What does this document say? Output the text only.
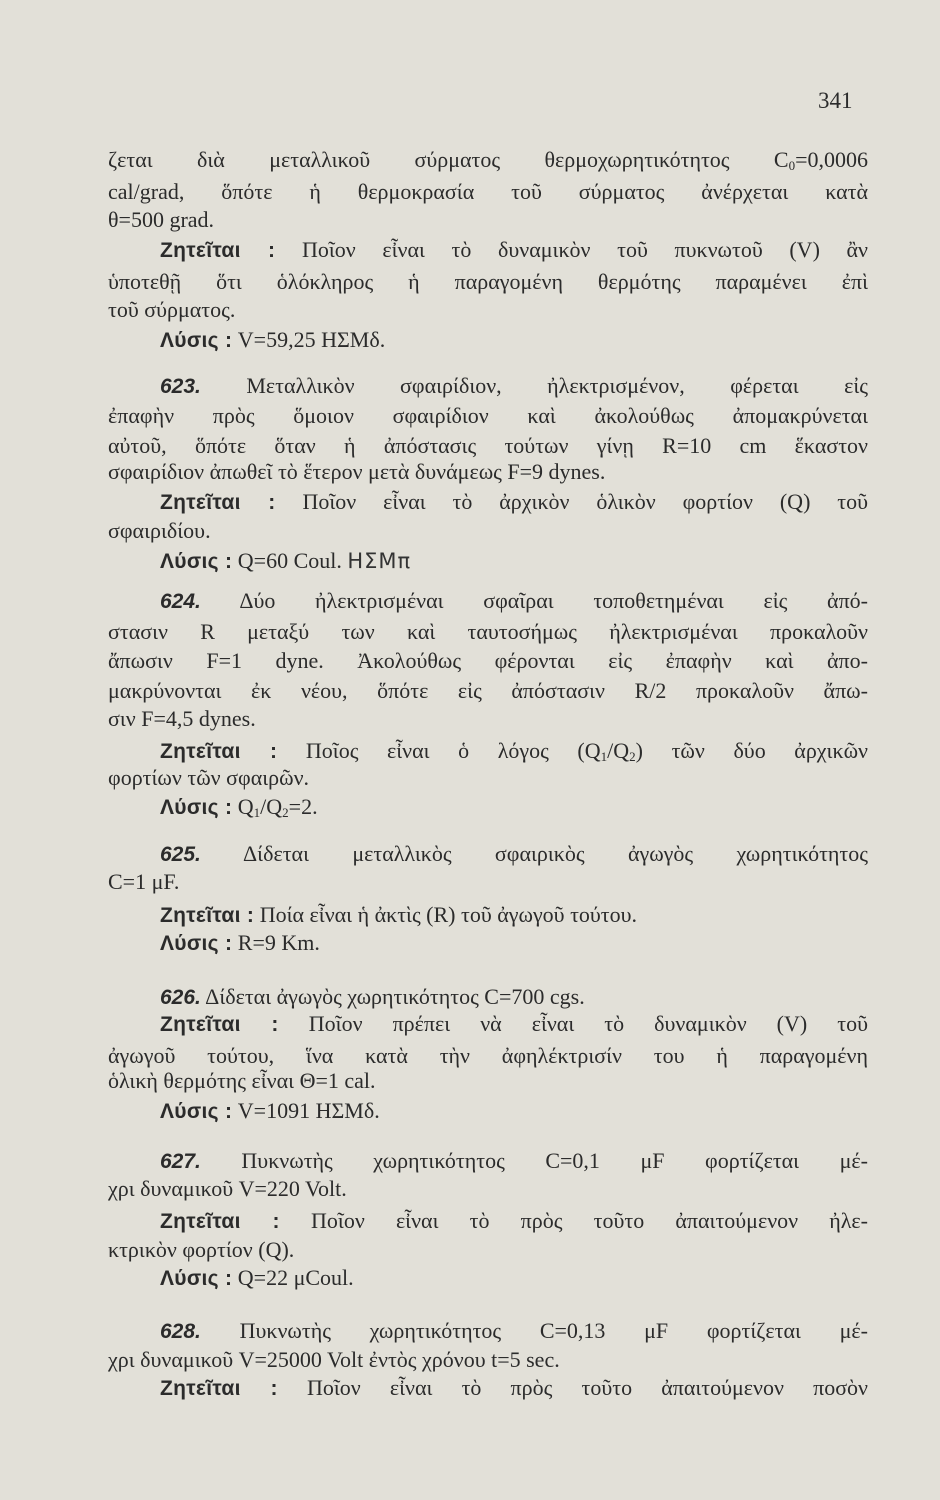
341
ζεται διὰ μεταλλικοῦ σύρματος θερμοχωρητικότητος $C_0=0,0006$
cal/grad, ὅπότε ἡ θερμοκρασία τοῦ σύρματος ἀνέρχεται κατὰ
θ=500 grad.
Ζητεῖται : Ποῖον εἶναι τὸ δυναμικὸν τοῦ πυκνωτοῦ (V) ἂν
ὑποτεθῇ ὅτι ὁλόκληρος ἡ παραγομένη θερμότης παραμένει ἐπὶ
τοῦ σύρματος.
Λύσις : V=59,25 ΗΣΜδ.
623. Μεταλλικὸν σφαιρίδιον, ἠλεκτρισμένον, φέρεται εἰς
ἐπαφὴν πρὸς ὅμοιον σφαιρίδιον καὶ ἀκολούθως ἀπομακρύνεται
αὐτοῦ, ὅπότε ὅταν ἡ ἀπόστασις τούτων γίνῃ R=10 cm ἕκαστον
σφαιρίδιον ἀπωθεῖ τὸ ἕτερον μετὰ δυνάμεως F=9 dynes.
Ζητεῖται : Ποῖον εἶναι τὸ ἀρχικὸν ὁλικὸν φορτίον (Q) τοῦ
σφαιριδίου.
Λύσις : Q=60 Coul. ΗΣΜπ
624. Δύο ἠλεκτρισμέναι σφαῖραι τοποθετημέναι εἰς ἀπό-
στασιν R μεταξύ των καὶ ταυτοσήμως ἠλεκτρισμέναι προκαλοῦν
ἄπωσιν F=1 dyne. Ἀκολούθως φέρονται εἰς ἐπαφὴν καὶ ἀπο-
μακρύνονται ἐκ νέου, ὅπότε εἰς ἀπόστασιν R/2 προκαλοῦν ἄπω-
σιν F=4,5 dynes.
Ζητεῖται : Ποῖος εἶναι ὁ λόγος $(Q_1/Q_2)$ τῶν δύο ἀρχικῶν
φορτίων τῶν σφαιρῶν.
Λύσις : $Q_1/Q_2=2$.
625. Δίδεται μεταλλικὸς σφαιρικὸς ἀγωγὸς χωρητικότητος
C=1 μF.
Ζητεῖται : Ποία εἶναι ἡ ἀκτὶς (R) τοῦ ἀγωγοῦ τούτου.
Λύσις : R=9 Km.
626. Δίδεται ἀγωγὸς χωρητικότητος C=700 cgs.
Ζητεῖται : Ποῖον πρέπει νὰ εἶναι τὸ δυναμικὸν (V) τοῦ
ἀγωγοῦ τούτου, ἵνα κατὰ τὴν ἀφηλέκτρισίν του ἡ παραγομένη
ὁλικὴ θερμότης εἶναι Θ=1 cal.
Λύσις : V=1091 ΗΣΜδ.
627. Πυκνωτὴς χωρητικότητος C=0,1 μF φορτίζεται μέ-
χρι δυναμικοῦ V=220 Volt.
Ζητεῖται : Ποῖον εἶναι τὸ πρὸς τοῦτο ἀπαιτούμενον ἠλε-
κτρικὸν φορτίον (Q).
Λύσις : Q=22 μCoul.
628. Πυκνωτὴς χωρητικότητος C=0,13 μF φορτίζεται μέ-
χρι δυναμικοῦ V=25000 Volt ἐντὸς χρόνου t=5 sec.
Ζητεῖται : Ποῖον εἶναι τὸ πρὸς τοῦτο ἀπαιτούμενον ποσὸν
